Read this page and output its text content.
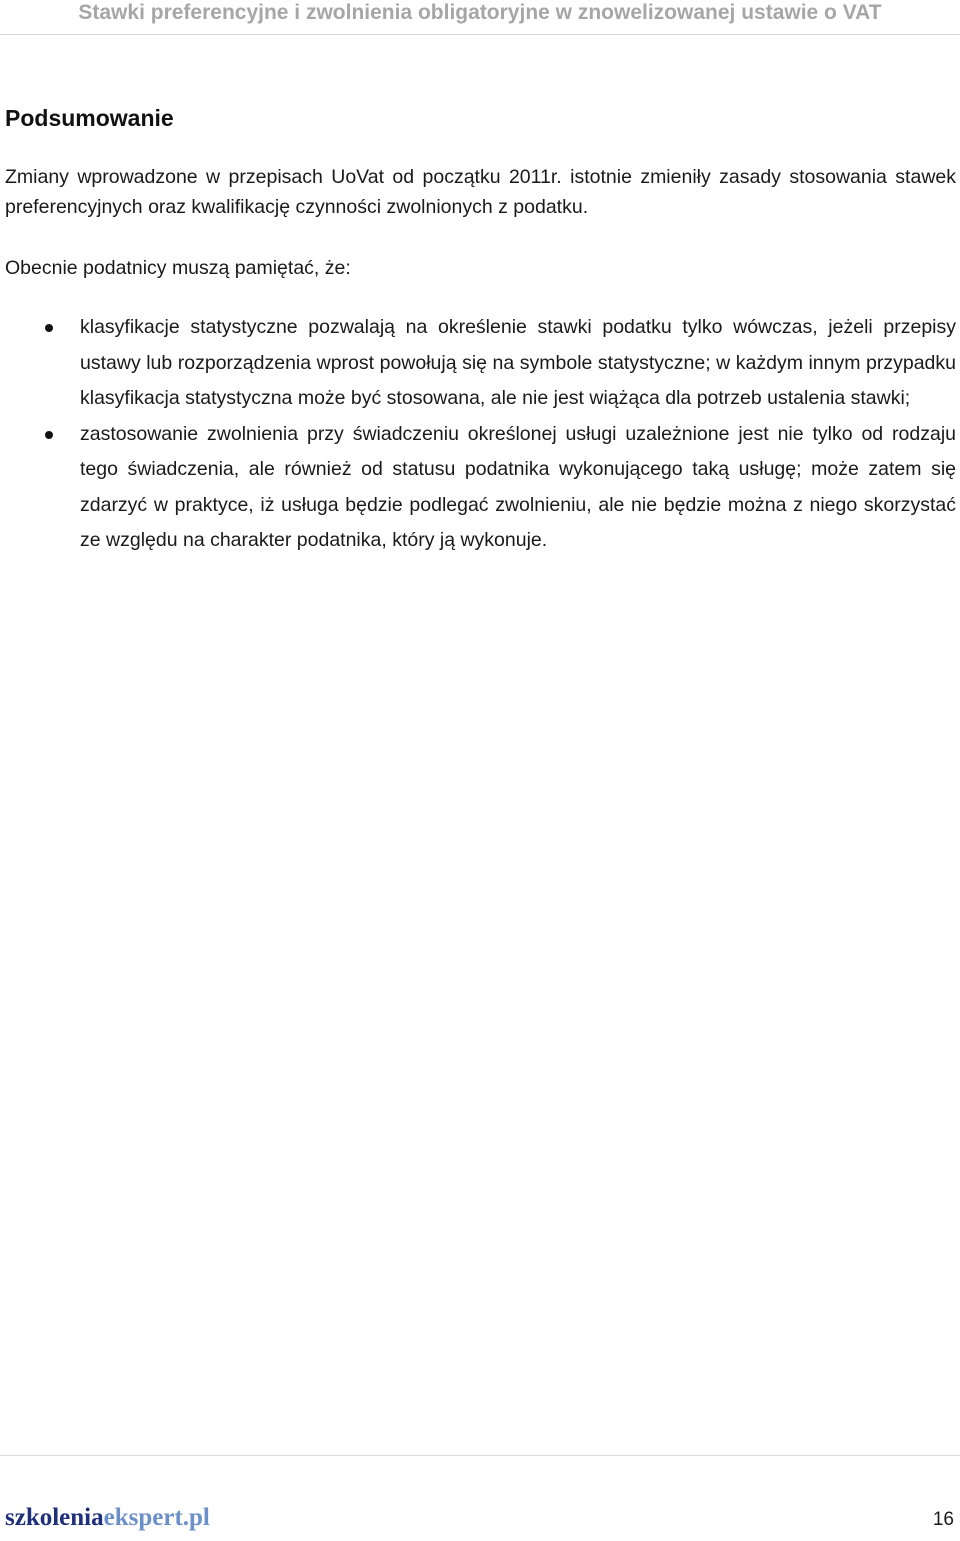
Stawki preferencyjne i zwolnienia obligatoryjne w znowelizowanej ustawie o VAT
Podsumowanie

Zmiany wprowadzone w przepisach UoVat od początku 2011r. istotnie zmieniły zasady stosowania stawek preferencyjnych oraz kwalifikację czynności zwolnionych z podatku.

Obecnie podatnicy muszą pamiętać, że:

klasyfikacje statystyczne pozwalają na określenie stawki podatku tylko wówczas, jeżeli przepisy ustawy lub rozporządzenia wprost powołują się na symbole statystyczne; w każdym innym przypadku klasyfikacja statystyczna może być stosowana, ale nie jest wiążąca dla potrzeb ustalenia stawki;
zastosowanie zwolnienia przy świadczeniu określonej usługi uzależnione jest nie tylko od rodzaju tego świadczenia, ale również od statusu podatnika wykonującego taką usługę; może zatem się zdarzyć w praktyce, iż usługa będzie podlegać zwolnieniu, ale nie będzie można z niego skorzystać ze względu na charakter podatnika, który ją wykonuje.
szkoleniaekspert.pl	16
